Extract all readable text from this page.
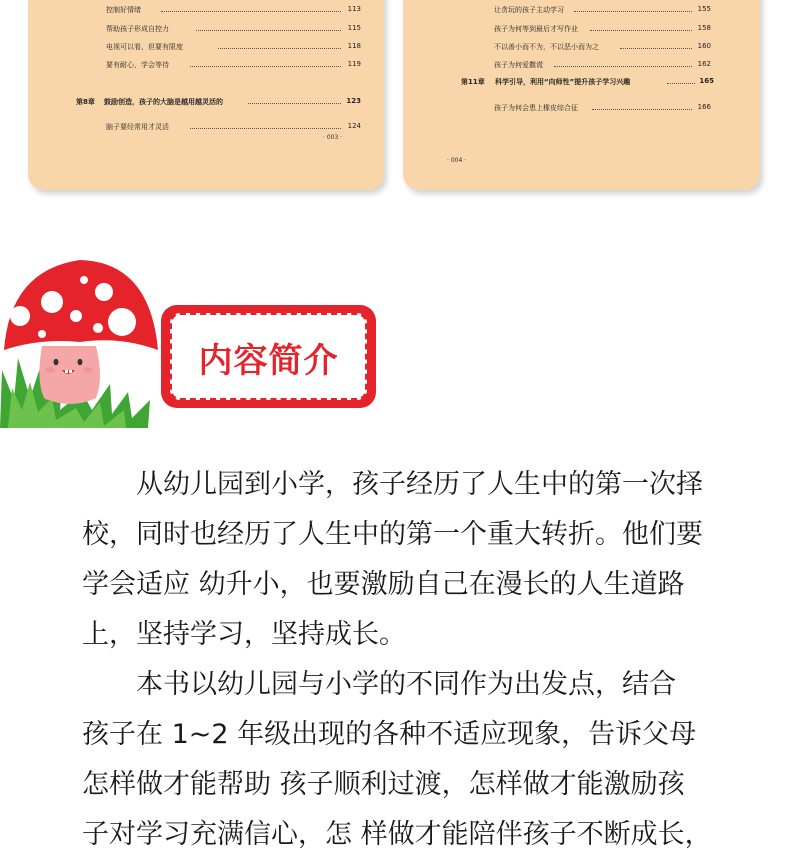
控制好情绪	113
帮助孩子形成自控力	115
电视可以看，但要有限度	118
要有耐心，学会等待	119
第8章 鼓励创造，孩子的大脑是越用越灵活的	123
脑子要经常用才灵活	124
· 003 ·
让贪玩的孩子主动学习	155
孩子为何等到最后才写作业	158
不以善小而不为，不以恶小而为之	160
孩子为何爱撒谎	162
第11章 科学引导，利用“向师性”提升孩子学习兴趣	165
孩子为何会患上橡皮综合征	166
· 004 ·
内容简介

　　从幼儿园到小学，孩子经历了人生中的第一次择

校，同时也经历了人生中的第一个重大转折。他们要

学会适应 幼升小，也要激励自己在漫长的人生道路

上，坚持学习，坚持成长。

　　本书以幼儿园与小学的不同作为出发点，结合

孩子在 1~2 年级出现的各种不适应现象，告诉父母

怎样做才能帮助 孩子顺利过渡，怎样做才能激励孩

子对学习充满信心，怎 样做才能陪伴孩子不断成长，
